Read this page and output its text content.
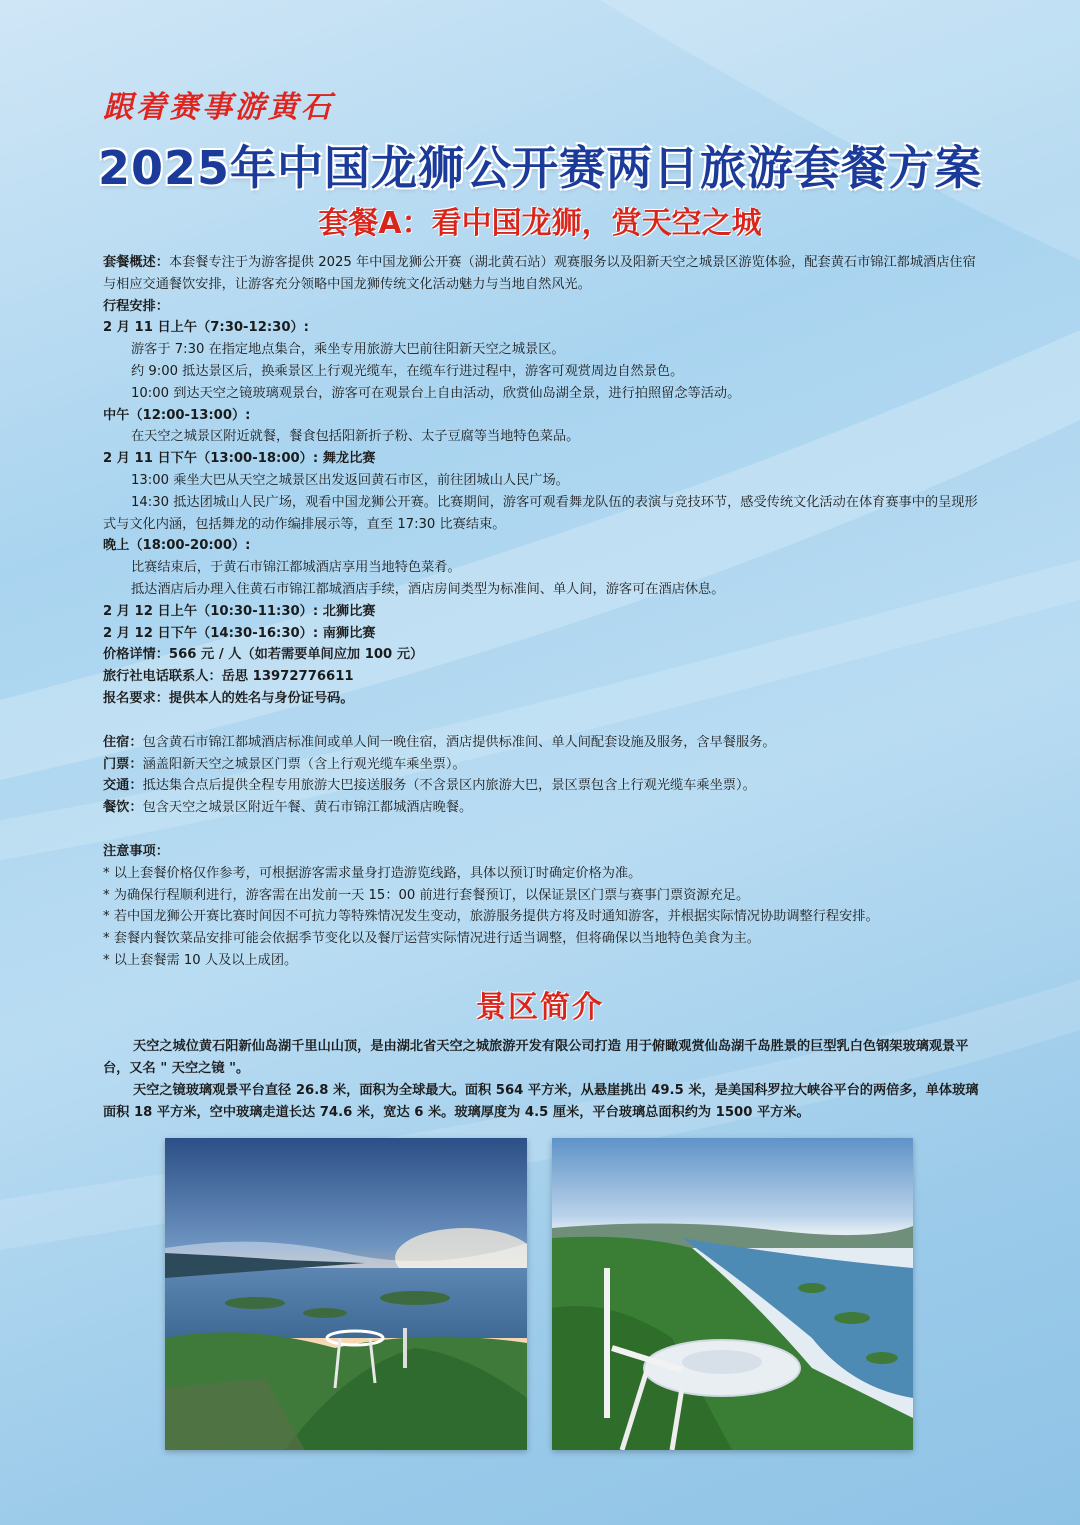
跟着赛事游黄石
2025年中国龙狮公开赛两日旅游套餐方案
套餐A：看中国龙狮，赏天空之城

套餐概述：本套餐专注于为游客提供 2025 年中国龙狮公开赛（湖北黄石站）观赛服务以及阳新天空之城景区游览体验，配套黄石市锦江都城酒店住宿与相应交通餐饮安排，让游客充分领略中国龙狮传统文化活动魅力与当地自然风光。

行程安排：

2 月 11 日上午（7:30-12:30）:

游客于 7:30 在指定地点集合，乘坐专用旅游大巴前往阳新天空之城景区。

约 9:00 抵达景区后，换乘景区上行观光缆车，在缆车行进过程中，游客可观赏周边自然景色。

10:00 到达天空之镜玻璃观景台，游客可在观景台上自由活动，欣赏仙岛湖全景，进行拍照留念等活动。

中午（12:00-13:00）:

在天空之城景区附近就餐，餐食包括阳新折子粉、太子豆腐等当地特色菜品。

2 月 11 日下午（13:00-18:00）: 舞龙比赛

13:00 乘坐大巴从天空之城景区出发返回黄石市区，前往团城山人民广场。

14:30 抵达团城山人民广场，观看中国龙狮公开赛。比赛期间，游客可观看舞龙队伍的表演与竞技环节，感受传统文化活动在体育赛事中的呈现形式与文化内涵，包括舞龙的动作编排展示等，直至 17:30 比赛结束。

晚上（18:00-20:00）:

比赛结束后，于黄石市锦江都城酒店享用当地特色菜肴。

抵达酒店后办理入住黄石市锦江都城酒店手续，酒店房间类型为标准间、单人间，游客可在酒店休息。

2 月 12 日上午（10:30-11:30）: 北狮比赛

2 月 12 日下午（14:30-16:30）: 南狮比赛

价格详情：566 元 / 人（如若需要单间应加 100 元）

旅行社电话联系人：岳思 13972776611

报名要求：提供本人的姓名与身份证号码。

住宿：包含黄石市锦江都城酒店标准间或单人间一晚住宿，酒店提供标准间、单人间配套设施及服务，含早餐服务。

门票：涵盖阳新天空之城景区门票（含上行观光缆车乘坐票）。

交通：抵达集合点后提供全程专用旅游大巴接送服务（不含景区内旅游大巴，景区票包含上行观光缆车乘坐票）。

餐饮：包含天空之城景区附近午餐、黄石市锦江都城酒店晚餐。

注意事项：

* 以上套餐价格仅作参考，可根据游客需求量身打造游览线路，具体以预订时确定价格为准。

* 为确保行程顺利进行，游客需在出发前一天 15：00 前进行套餐预订，以保证景区门票与赛事门票资源充足。

* 若中国龙狮公开赛比赛时间因不可抗力等特殊情况发生变动，旅游服务提供方将及时通知游客，并根据实际情况协助调整行程安排。

* 套餐内餐饮菜品安排可能会依据季节变化以及餐厅运营实际情况进行适当调整，但将确保以当地特色美食为主。

* 以上套餐需 10 人及以上成团。

景区简介

天空之城位黄石阳新仙岛湖千里山山顶，是由湖北省天空之城旅游开发有限公司打造 用于俯瞰观赏仙岛湖千岛胜景的巨型乳白色钢架玻璃观景平台，又名 " 天空之镜 "。

天空之镜玻璃观景平台直径 26.8 米，面积为全球最大。面积 564 平方米，从悬崖挑出 49.5 米，是美国科罗拉大峡谷平台的两倍多，单体玻璃面积 18 平方米，空中玻璃走道长达 74.6 米，宽达 6 米。玻璃厚度为 4.5 厘米，平台玻璃总面积约为 1500 平方米。
